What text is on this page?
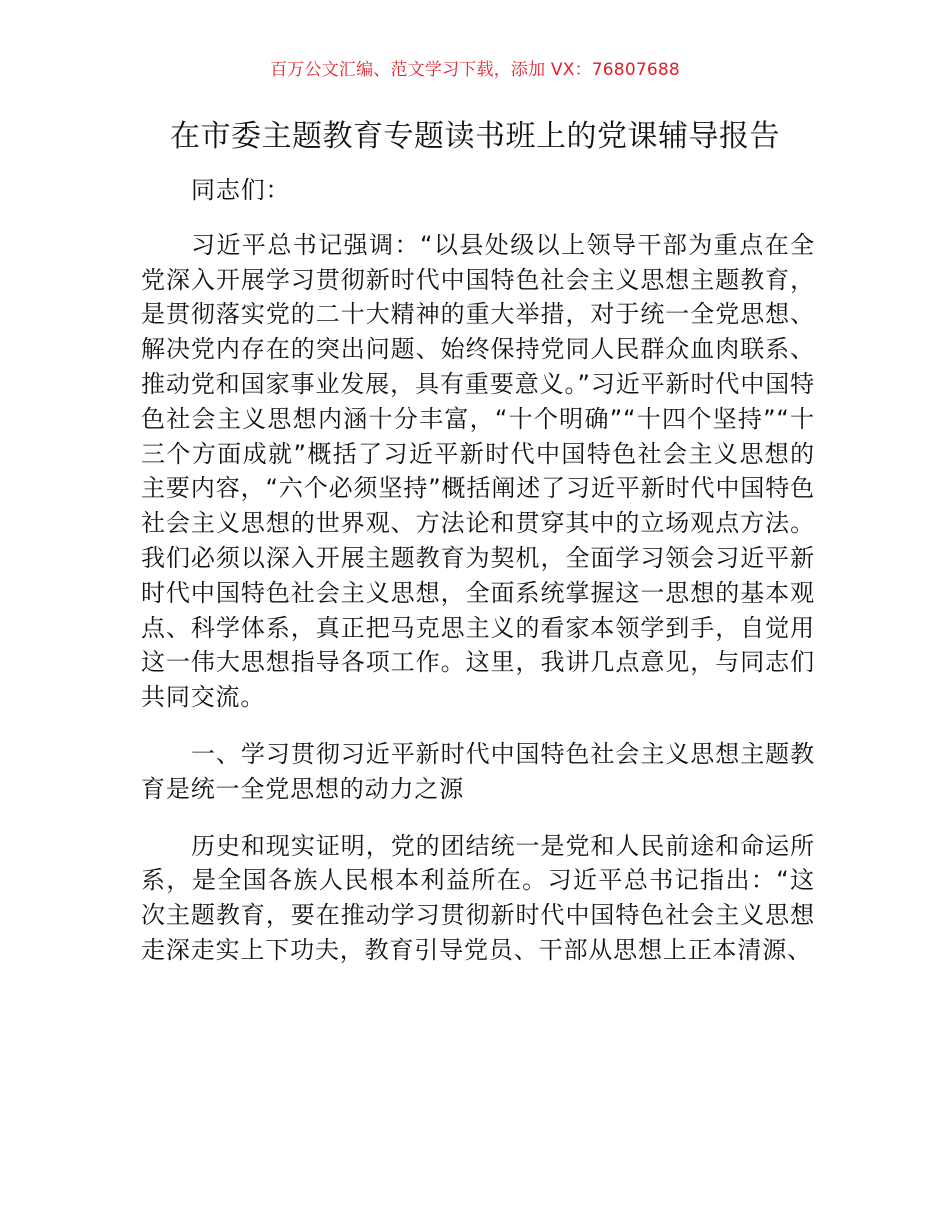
百万公文汇编、范文学习下载，添加 VX：76807688
在市委主题教育专题读书班上的党课辅导报告

同志们：

习近平总书记强调：“以县处级以上领导干部为重点在全党深入开展学习贯彻新时代中国特色社会主义思想主题教育，是贯彻落实党的二十大精神的重大举措，对于统一全党思想、解决党内存在的突出问题、始终保持党同人民群众血肉联系、推动党和国家事业发展，具有重要意义。”习近平新时代中国特色社会主义思想内涵十分丰富，“十个明确”“十四个坚持”“十三个方面成就”概括了习近平新时代中国特色社会主义思想的主要内容，“六个必须坚持”概括阐述了习近平新时代中国特色社会主义思想的世界观、方法论和贯穿其中的立场观点方法。我们必须以深入开展主题教育为契机，全面学习领会习近平新时代中国特色社会主义思想，全面系统掌握这一思想的基本观点、科学体系，真正把马克思主义的看家本领学到手，自觉用这一伟大思想指导各项工作。这里，我讲几点意见，与同志们共同交流。

一、学习贯彻习近平新时代中国特色社会主义思想主题教育是统一全党思想的动力之源

历史和现实证明，党的团结统一是党和人民前途和命运所系，是全国各族人民根本利益所在。习近平总书记指出：“这次主题教育，要在推动学习贯彻新时代中国特色社会主义思想走深走实上下功夫，教育引导党员、干部从思想上正本清源、
